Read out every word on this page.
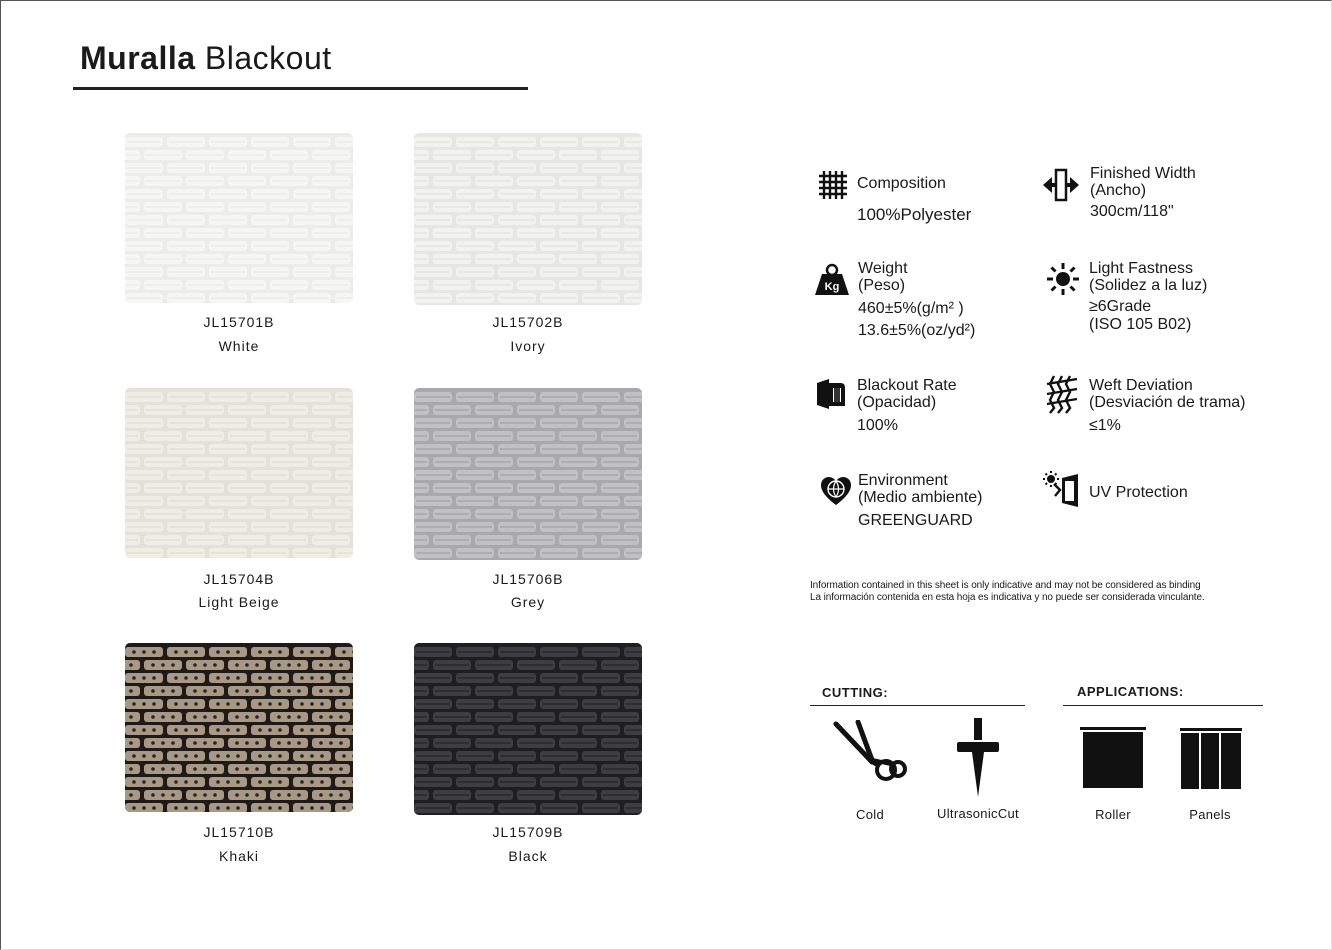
Muralla Blackout
JL15701B
White
JL15702B
Ivory
JL15704B
Light Beige
JL15706B
Grey
JL15710B
Khaki
JL15709B
Black
Composition
100%Polyester
Finished Width
(Ancho)
300cm/118"
Kg
Weight
(Peso)
460±5%(g/m² )
13.6±5%(oz/yd²)
Light Fastness
(Solidez a la luz)
≥6Grade
(ISO 105 B02)
Blackout Rate
(Opacidad)
100%
Weft Deviation
(Desviación de trama)
≤1%
Environment
(Medio ambiente)
GREENGUARD
UV Protection
Information contained in this sheet is only indicative and may not be considered as binding
La información contenida en esta hoja es indicativa y no puede ser considerada vinculante.
CUTTING:
Cold	UltrasonicCut
APPLICATIONS:
Roller	Panels
